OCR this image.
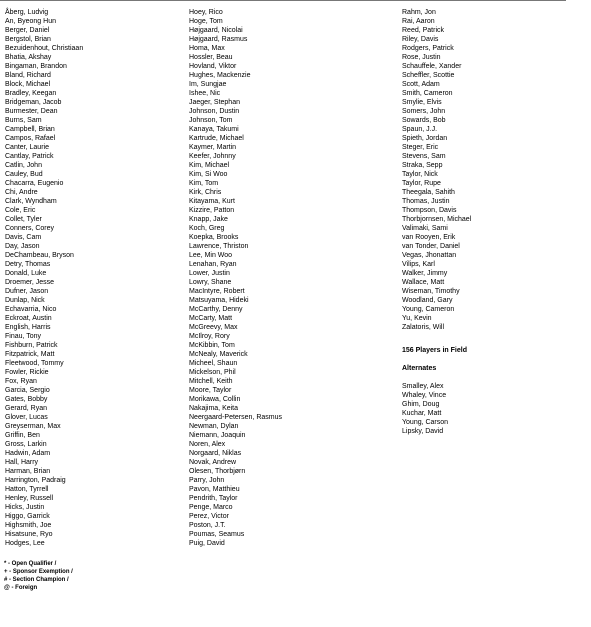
Åberg, Ludvig
An, Byeong Hun
Berger, Daniel
Bergstol, Brian
Bezuidenhout, Christiaan
Bhatia, Akshay
Bingaman, Brandon
Bland, Richard
Block, Michael
Bradley, Keegan
Bridgeman, Jacob
Burmester, Dean
Burns, Sam
Campbell, Brian
Campos, Rafael
Canter, Laurie
Cantlay, Patrick
Catlin, John
Cauley, Bud
Chacarra, Eugenio
Chi, Andre
Clark, Wyndham
Cole, Eric
Collet, Tyler
Conners, Corey
Davis, Cam
Day, Jason
DeChambeau, Bryson
Detry, Thomas
Donald, Luke
Droemer, Jesse
Dufner, Jason
Dunlap, Nick
Echavarria, Nico
Eckroat, Austin
English, Harris
Finau, Tony
Fishburn, Patrick
Fitzpatrick, Matt
Fleetwood, Tommy
Fowler, Rickie
Fox, Ryan
Garcia, Sergio
Gates, Bobby
Gerard, Ryan
Glover, Lucas
Greyserman, Max
Griffin, Ben
Gross, Larkin
Hadwin, Adam
Hall, Harry
Harman, Brian
Harrington, Padraig
Hatton, Tyrrell
Henley, Russell
Hicks, Justin
Higgo, Garrick
Highsmith, Joe
Hisatsune, Ryo
Hodges, Lee
Hoey, Rico
Hoge, Tom
Højgaard, Nicolai
Højgaard, Rasmus
Homa, Max
Hossler, Beau
Hovland, Viktor
Hughes, Mackenzie
Im, Sungjae
Ishee, Nic
Jaeger, Stephan
Johnson, Dustin
Johnson, Tom
Kanaya, Takumi
Kartrude, Michael
Kaymer, Martin
Keefer, Johnny
Kim, Michael
Kim, Si Woo
Kim, Tom
Kirk, Chris
Kitayama, Kurt
Kizzire, Patton
Knapp, Jake
Koch, Greg
Koepka, Brooks
Lawrence, Thriston
Lee, Min Woo
Lenahan, Ryan
Lower, Justin
Lowry, Shane
MacIntyre, Robert
Matsuyama, Hideki
McCarthy, Denny
McCarty, Matt
McGreevy, Max
McIlroy, Rory
McKibbin, Tom
McNealy, Maverick
Micheel, Shaun
Mickelson, Phil
Mitchell, Keith
Moore, Taylor
Morikawa, Collin
Nakajima, Keita
Neergaard-Petersen, Rasmus
Newman, Dylan
Niemann, Joaquin
Noren, Alex
Norgaard, Niklas
Novak, Andrew
Olesen, Thorbjørn
Parry, John
Pavon, Matthieu
Pendrith, Taylor
Penge, Marco
Perez, Victor
Poston, J.T.
Poumas, Seamus
Puig, David
Rahm, Jon
Rai, Aaron
Reed, Patrick
Riley, Davis
Rodgers, Patrick
Rose, Justin
Schauffele, Xander
Scheffler, Scottie
Scott, Adam
Smith, Cameron
Smylie, Elvis
Somers, John
Sowards, Bob
Spaun, J.J.
Spieth, Jordan
Steger, Eric
Stevens, Sam
Straka, Sepp
Taylor, Nick
Taylor, Rupe
Theegala, Sahith
Thomas, Justin
Thompson, Davis
Thorbjornsen, Michael
Valimaki, Sami
van Rooyen, Erik
van Tonder, Daniel
Vegas, Jhonattan
Vilips, Karl
Walker, Jimmy
Wallace, Matt
Wiseman, Timothy
Woodland, Gary
Young, Cameron
Yu, Kevin
Zalatoris, Will
156 Players in Field
Alternates
Smalley, Alex
Whaley, Vince
Ghim, Doug
Kuchar, Matt
Young, Carson
Lipsky, David
* - Open Qualifier /
+ - Sponsor Exemption /
# - Section Champion /
@ - Foreign
